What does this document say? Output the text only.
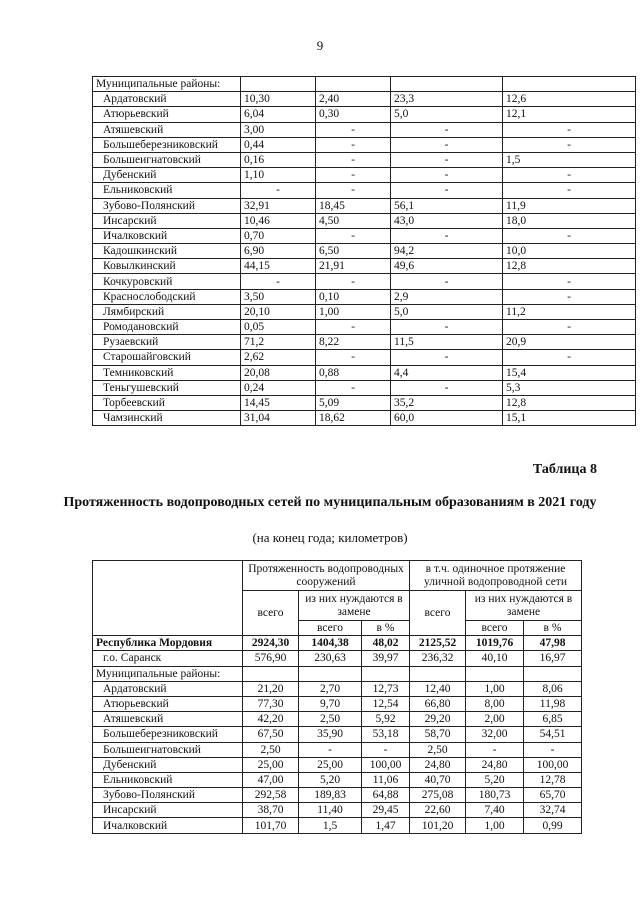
9
Муниципальные районы:				
Ардатовский	10,30	2,40	23,3	12,6
Атюрьевский	6,04	0,30	5,0	12,1
Атяшевский	3,00	-	-	-
Большеберезниковский	0,44	-	-	-
Большеигнатовский	0,16	-	-	1,5
Дубенский	1,10	-	-	-
Ельниковский	-	-	-	-
Зубово-Полянский	32,91	18,45	56,1	11,9
Инсарский	10,46	4,50	43,0	18,0
Ичалковский	0,70	-	-	-
Кадошкинский	6,90	6,50	94,2	10,0
Ковылкинский	44,15	21,91	49,6	12,8
Кочкуровский	-	-	-	-
Краснослободский	3,50	0,10	2,9	-
Лямбирский	20,10	1,00	5,0	11,2
Ромодановский	0,05	-	-	-
Рузаевский	71,2	8,22	11,5	20,9
Старошайговский	2,62	-	-	-
Темниковский	20,08	0,88	4,4	15,4
Теньгушевский	0,24	-	-	5,3
Торбеевский	14,45	5,09	35,2	12,8
Чамзинский	31,04	18,62	60,0	15,1
Таблица 8
Протяженность водопроводных сетей по муниципальным образованиям в 2021 году
(на конец года; километров)
	Протяженность водопроводных сооружений			в т.ч. одиночное протяжение уличной водопроводной сети		
	всего	из них нуждаются в замене		всего	из них нуждаются в замене	
		всего	в %		всего	в %
Республика Мордовия	2924,30	1404,38	48,02	2125,52	1019,76	47,98
г.о. Саранск	576,90	230,63	39,97	236,32	40,10	16,97
Муниципальные районы:						
Ардатовский	21,20	2,70	12,73	12,40	1,00	8,06
Атюрьевский	77,30	9,70	12,54	66,80	8,00	11,98
Атяшевский	42,20	2,50	5,92	29,20	2,00	6,85
Большеберезниковский	67,50	35,90	53,18	58,70	32,00	54,51
Большеигнатовский	2,50	-	-	2,50	-	-
Дубенский	25,00	25,00	100,00	24,80	24,80	100,00
Ельниковский	47,00	5,20	11,06	40,70	5,20	12,78
Зубово-Полянский	292,58	189,83	64,88	275,08	180,73	65,70
Инсарский	38,70	11,40	29,45	22,60	7,40	32,74
Ичалковский	101,70	1,5	1,47	101,20	1,00	0,99
